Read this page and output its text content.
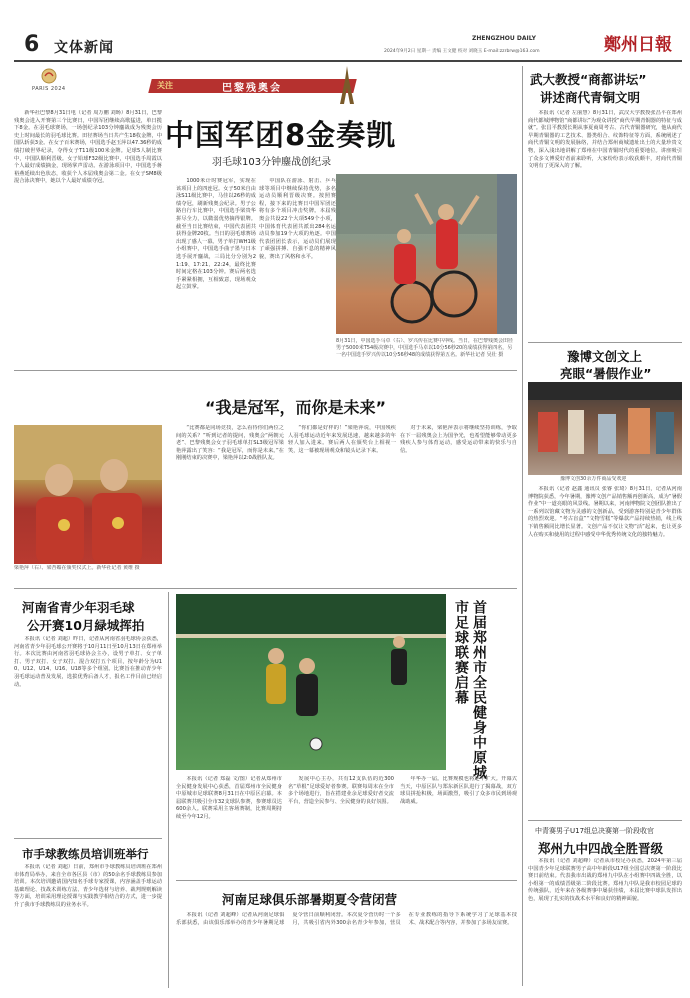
6 文体新闻
ZHENGZHOU DAILY
2024年9月2日 星期一 责编 王文健 校对 刘晓玉 E-mail:zzrbrw@163.com	鄭州日報
PARIS 2024	关注	巴黎残奥会
中国军团8金奏凯
羽毛球103分钟鏖战创纪录

新华社巴黎8月31日电（记者 周万鹏 刘旸）8月31日，巴黎残奥会进入开赛第三个比赛日，中国军团继续高歌猛进，单日揽下8金。在羽毛球赛场，一场创纪录103分钟鏖战成为残奥会历史上时间最长的羽毛球比赛。田径赛场当日共产生18枚金牌，中国队斩获3金。在女子百米赛场，中国选手赵玉萍以47.36秒的成绩打破世界纪录，夺得女子T11级100米金牌。足球5人制比赛中，中国队顺利晋级。女子铅球F32级比赛中，中国选手周霞以个人最好成绩摘金，现场掌声雷动。在游泳项目中，中国选手蒋裕燕延续出色状态，收获个人本届残奥会第二金。在女子SM8级混合泳决赛中，她以个人最好成绩夺冠。	1000米计时赛冠军，实现在该项目上的四连冠。女子50米自由泳S11级比赛中，马佳以26秒的成绩夺冠，刷新残奥会纪录。男子公路自行车比赛中，中国选手梁贵华拼尽全力，以微弱优势摘得银牌。截至当日比赛结束，中国代表团共获得金牌20枚。当日的羽毛球赛场出现了感人一幕。男子单打WH1级小组赛中，中国选手曲子墨与日本选手展开鏖战，三局比分分别为21:19、17:21、22:24，最终比赛时间定格在103分钟。赛后两名选手紧紧相拥，互相致意，现场观众起立鼓掌。

中国队在游泳、射击、乒乓球等项目中继续保持优势，多名运动员顺利晋级决赛。按照赛程，接下来的比赛日中国军团还将有多个项目冲击奖牌。本届残奥会共设22个大项549个小项，中国体育代表团共派出284名运动员参加19个大项的角逐。中国代表团团长表示，运动员们展现了顽强拼搏、自强不息的精神风貌，赛出了风格和水平。

8月31日，中国选手马卓（右）、罗兴传在比赛中冲线。当日，在巴黎残奥会田径男子5000米T54级决赛中，中国选手马卓以10分56秒20的成绩获得第四名，另一名中国选手罗兴传以10分56秒48的成绩获得第五名。新华社记者 吴壮 摄
“我是冠军，而你是未来”
梁艳萍（右）、梁杏媚在颁奖仪式上。新华社记者 黄维 摄

“比赛都是同场竞技，怎么看待你们两位之间的关系？”听到记者的提问，残奥会“两朝元老”、巴黎残奥会女子羽毛球单打SL3级冠军梁艳萍露出了笑容：“我是冠军，而你是未来。”在刚刚结束的决赛中，梁艳萍以2:0战胜队友。

“你们都是好样的！”梁艳萍说，中国残疾人羽毛球运动近年来发展迅速，越来越多的年轻人加入进来。赛后两人在颁奖台上相视一笑，这一幕被现场观众和镜头记录下来。

对于未来，梁艳萍表示将继续坚持训练，争取在下一届残奥会上为国争光，也希望能够带动更多残疾人参与体育运动，感受运动带来的快乐与自信。

武大教授“商都讲坛”
讲述商代青铜文明

本报讯（记者 左丽慧）8月31日，武汉大学教授张昌平在郑州商代都城博物馆“商都讲坛”为观众讲授“商代早期青铜器的特征与成就”。张昌平教授长期从事夏商周考古、古代青铜器研究，他从商代早期青铜器的工艺技术、器类组合、纹饰特征等方面，系统阐述了商代青铜文明的发展脉络，并结合郑州商城遗址出土的大量珍贵文物，深入浅出地讲解了郑州在中国青铜时代的重要地位。讲座吸引了众多文博爱好者前来聆听，大家纷纷表示收获颇丰，对商代青铜文明有了更深入的了解。

豫博文创文上
亮眼“暑假作业”
豫博文创30余万件商品受欢迎

本报讯（记者 赵鑫 通讯员 张睿 张琦）8月31日，记者从河南博物院获悉，今年暑期，豫博文创产品销售额再创新高，成为“暑假作业”中一道亮眼的风景线。暑期以来，河南博物院文创团队推出了一系列以馆藏文物为灵感的文创新品，受到游客特别是青少年群体的热烈欢迎。“考古盲盒”“文物雪糕”等爆款产品持续热销，线上线下销售额同比增长显著。文创产品不仅让文物“活”起来，也让更多人在购买和使用的过程中感受中华优秀传统文化的独特魅力。

中青赛男子U17组总决赛第一阶段收官
郑州九中四战全胜晋级

本报讯（记者 刘超峰）记者从市校足办获悉，2024年第三届中国青少年足球联赛男子高中年龄段U17组全国总决赛第一阶段比赛日前结束。代表我市出战的郑州九中队在小组赛中四战全胜，以小组第一的成绩晋级第二阶段比赛。郑州九中队是我市校园足球的传统强队，近年来在各级赛事中屡获佳绩，本届比赛中球队发挥出色，展现了扎实的技战术水平和良好的精神面貌。

河南省青少年羽毛球
公开赛10月緑城挥拍

本报讯（记者 刘超）昨日，记者从河南省羽毛球协会获悉，河南省青少年羽毛球公开赛将于10月11日至10月13日在郑州举行。本次比赛由河南省羽毛球协会主办，设男子单打、女子单打、男子双打、女子双打、混合双打五个项目，按年龄分为U10、U12、U14、U16、U18等多个组别。比赛旨在推动青少年羽毛球运动普及发展，选拔优秀后备人才，报名工作目前已经启动。

市手球教练员培训班举行

本报讯（记者 刘超）日前，郑州市手球教练员培训班在郑州市体育局举办，来自全市各区县（市）的50余名手球教练员参加培训。本次培训邀请国内知名手球专家授课，内容涵盖手球运动基础理论、技战术训练方法、青少年选材与培养、裁判规则解读等方面，培训采用理论授课与实践教学相结合的方式，进一步提升了我市手球教练员的业务水平。

首届郑州市全民健身中原城市足球联赛启幕

本报讯（记者 郑磊 文/图）记者从郑州市全民健身发展中心获悉，首届郑州市全民健身中原城市足球联赛8月31日在中原区启幕。本届联赛共吸引全市32支球队参赛，参赛球员达600余人。联赛采用主客场赛制，比赛周期持续至今年12月。

发展中心主办，共有12支队伍的近300名“草根”足球爱好者参赛。联赛每周末在全市多个场地进行，旨在搭建业余足球爱好者交流平台，营造全民参与、全民健身的良好氛围。

年华办一届。比赛规模也将逐年扩大。开幕式当天，中原区队与郑东新区队进行了揭幕战，双方球员拼抢积极，场面激烈，吸引了众多市民到场观战助威。

河南足球俱乐部暑期夏令营闭营

本报讯（记者 刘超峰）记者从河南足球俱乐部获悉，由该俱乐部举办的青少年暑期足球夏令营日前顺利闭营。本次夏令营历时一个多月，共吸引省内外300余名青少年参加，营员在专业教练的指导下系统学习了足球基本技术、战术配合等内容，并参加了多场友谊赛。
